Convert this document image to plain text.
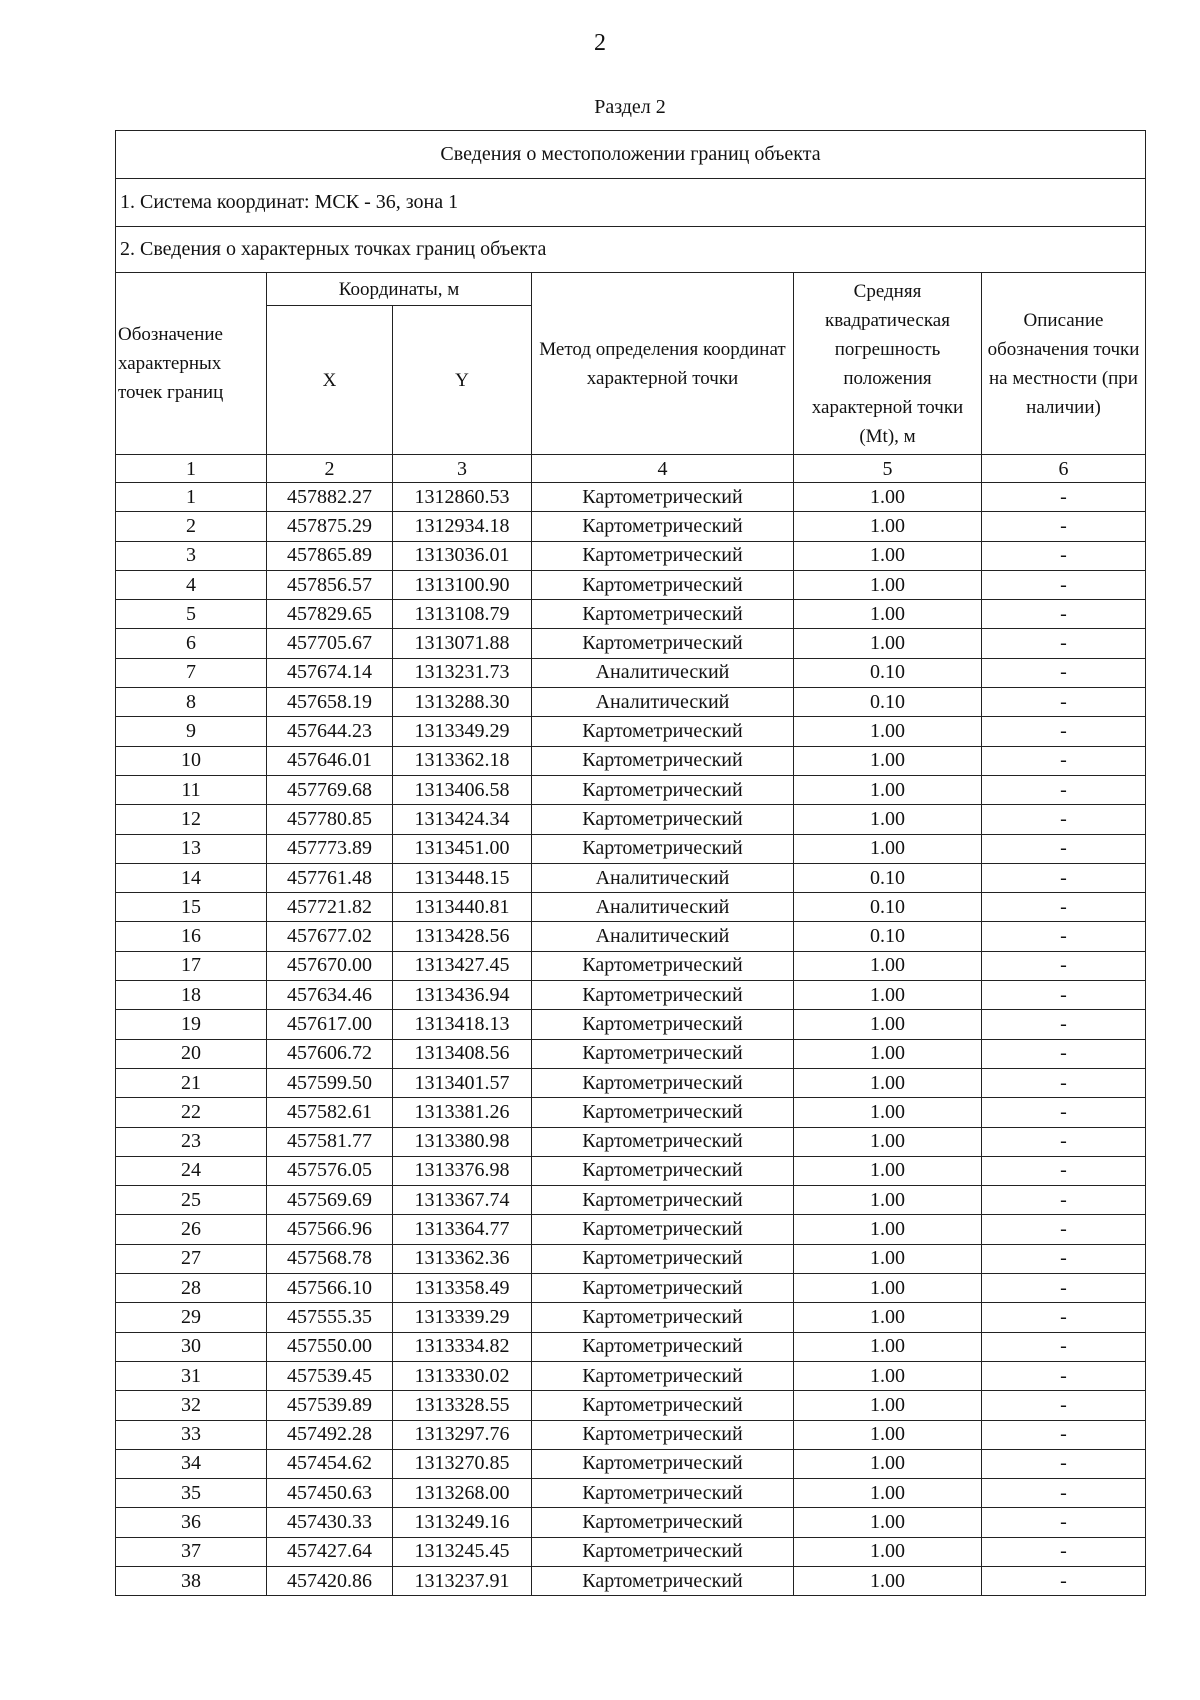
2
Раздел 2
Сведения о местоположении границ объекта					
1. Система координат: МСК - 36, зона 1					
2. Сведения о характерных точках границ объекта					
Обозначение характерных точек границ	Координаты, м		Метод определения координат характерной точки	Средняя квадратическая погрешность положения характерной точки (Mt), м	Описание обозначения точки на местности (при наличии)
	X	Y			
1	2	3	4	5	6
1	457882.27	1312860.53	Картометрический	1.00	-
2	457875.29	1312934.18	Картометрический	1.00	-
3	457865.89	1313036.01	Картометрический	1.00	-
4	457856.57	1313100.90	Картометрический	1.00	-
5	457829.65	1313108.79	Картометрический	1.00	-
6	457705.67	1313071.88	Картометрический	1.00	-
7	457674.14	1313231.73	Аналитический	0.10	-
8	457658.19	1313288.30	Аналитический	0.10	-
9	457644.23	1313349.29	Картометрический	1.00	-
10	457646.01	1313362.18	Картометрический	1.00	-
11	457769.68	1313406.58	Картометрический	1.00	-
12	457780.85	1313424.34	Картометрический	1.00	-
13	457773.89	1313451.00	Картометрический	1.00	-
14	457761.48	1313448.15	Аналитический	0.10	-
15	457721.82	1313440.81	Аналитический	0.10	-
16	457677.02	1313428.56	Аналитический	0.10	-
17	457670.00	1313427.45	Картометрический	1.00	-
18	457634.46	1313436.94	Картометрический	1.00	-
19	457617.00	1313418.13	Картометрический	1.00	-
20	457606.72	1313408.56	Картометрический	1.00	-
21	457599.50	1313401.57	Картометрический	1.00	-
22	457582.61	1313381.26	Картометрический	1.00	-
23	457581.77	1313380.98	Картометрический	1.00	-
24	457576.05	1313376.98	Картометрический	1.00	-
25	457569.69	1313367.74	Картометрический	1.00	-
26	457566.96	1313364.77	Картометрический	1.00	-
27	457568.78	1313362.36	Картометрический	1.00	-
28	457566.10	1313358.49	Картометрический	1.00	-
29	457555.35	1313339.29	Картометрический	1.00	-
30	457550.00	1313334.82	Картометрический	1.00	-
31	457539.45	1313330.02	Картометрический	1.00	-
32	457539.89	1313328.55	Картометрический	1.00	-
33	457492.28	1313297.76	Картометрический	1.00	-
34	457454.62	1313270.85	Картометрический	1.00	-
35	457450.63	1313268.00	Картометрический	1.00	-
36	457430.33	1313249.16	Картометрический	1.00	-
37	457427.64	1313245.45	Картометрический	1.00	-
38	457420.86	1313237.91	Картометрический	1.00	-
